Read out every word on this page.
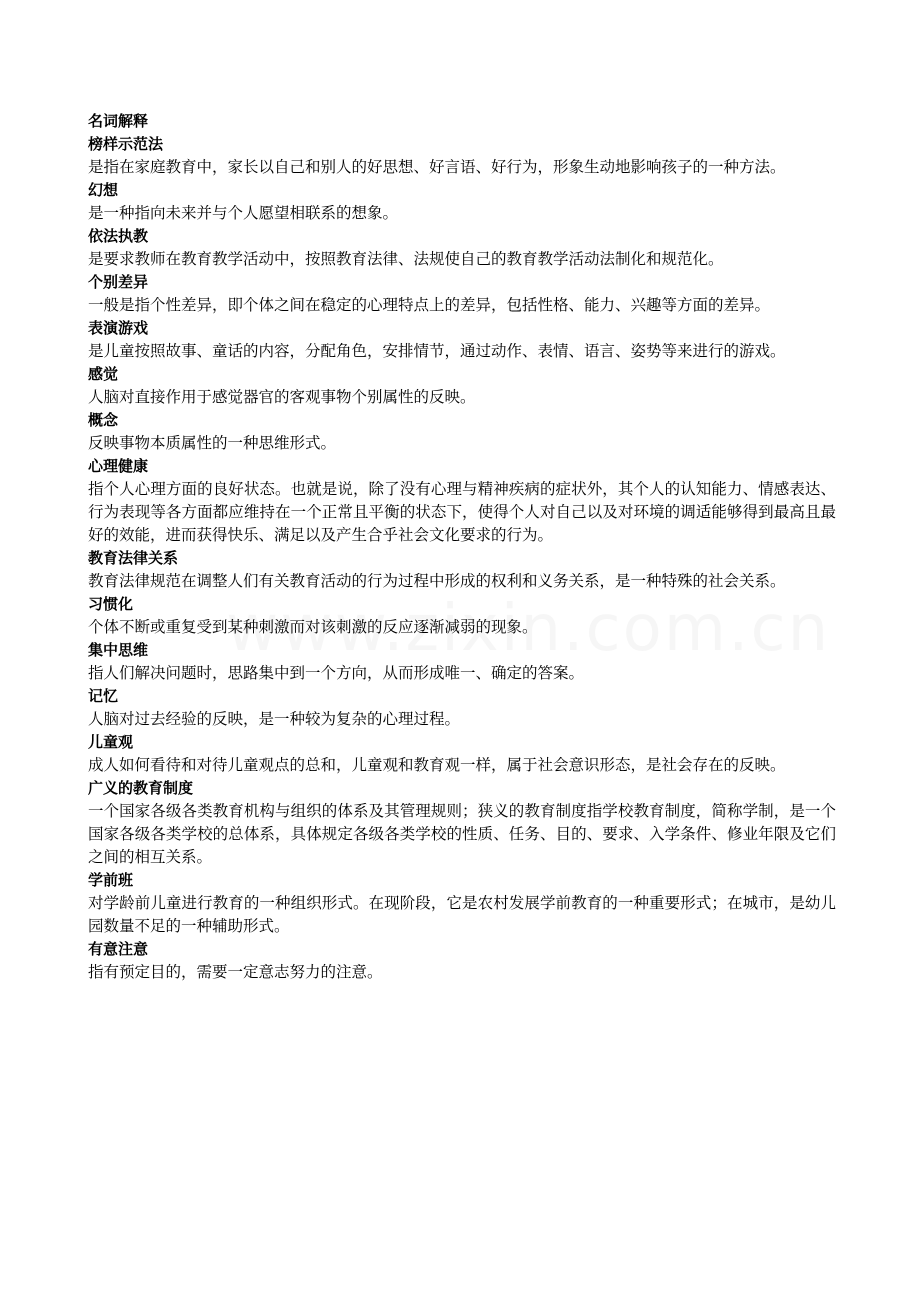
名词解释
榜样示范法
是指在家庭教育中，家长以自己和别人的好思想、好言语、好行为，形象生动地影响孩子的一种方法。
幻想
是一种指向未来并与个人愿望相联系的想象。
依法执教
是要求教师在教育教学活动中，按照教育法律、法规使自己的教育教学活动法制化和规范化。
个别差异
一般是指个性差异，即个体之间在稳定的心理特点上的差异，包括性格、能力、兴趣等方面的差异。
表演游戏
是儿童按照故事、童话的内容，分配角色，安排情节，通过动作、表情、语言、姿势等来进行的游戏。
感觉
人脑对直接作用于感觉器官的客观事物个别属性的反映。
概念
反映事物本质属性的一种思维形式。
心理健康
指个人心理方面的良好状态。也就是说，除了没有心理与精神疾病的症状外，其个人的认知能力、情感表达、行为表现等各方面都应维持在一个正常且平衡的状态下，使得个人对自己以及对环境的调适能够得到最高且最好的效能，进而获得快乐、满足以及产生合乎社会文化要求的行为。
教育法律关系
教育法律规范在调整人们有关教育活动的行为过程中形成的权利和义务关系，是一种特殊的社会关系。
习惯化
个体不断或重复受到某种刺激而对该刺激的反应逐渐减弱的现象。
集中思维
指人们解决问题时，思路集中到一个方向，从而形成唯一、确定的答案。
记忆
人脑对过去经验的反映，是一种较为复杂的心理过程。
儿童观
成人如何看待和对待儿童观点的总和，儿童观和教育观一样，属于社会意识形态，是社会存在的反映。
广义的教育制度
一个国家各级各类教育机构与组织的体系及其管理规则；狭义的教育制度指学校教育制度，简称学制，是一个国家各级各类学校的总体系，具体规定各级各类学校的性质、任务、目的、要求、入学条件、修业年限及它们之间的相互关系。
学前班
对学龄前儿童进行教育的一种组织形式。在现阶段，它是农村发展学前教育的一种重要形式；在城市，是幼儿园数量不足的一种辅助形式。
有意注意
指有预定目的，需要一定意志努力的注意。
